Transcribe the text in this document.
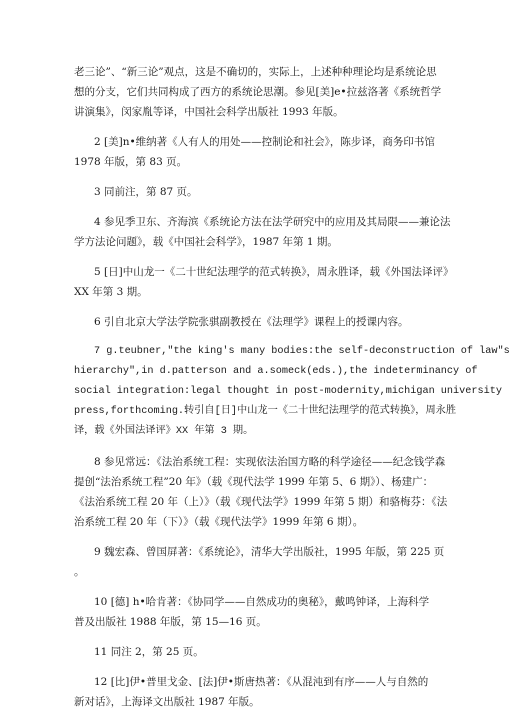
老三论”、“新三论”观点，这是不确切的，实际上，上述种种理论均是系统论思
想的分支，它们共同构成了西方的系统论思潮。参见[美]e•拉兹洛著《系统哲学
讲演集》，闵家胤等译，中国社会科学出版社 1993 年版。
2 [美]n•维纳著《人有人的用处——控制论和社会》，陈步译，商务印书馆
1978 年版，第 83 页。
3 同前注，第 87 页。
4 参见季卫东、齐海滨《系统论方法在法学研究中的应用及其局限——兼论法
学方法论问题》，载《中国社会科学》，1987 年第 1 期。
5 [日]中山龙一《二十世纪法理学的范式转换》，周永胜译，载《外国法译评》
XX 年第 3 期。
6 引自北京大学法学院张骐副教授在《法理学》课程上的授课内容。
7 g.teubner,"the king's many bodies:the self-deconstruction of law"s
hierarchy",in d.patterson and a.someck(eds.),the indeterminancy of
social integration:legal thought in post-modernity,michigan university
press,forthcoming.转引自[日]中山龙一《二十世纪法理学的范式转换》，周永胜
译，载《外国法译评》XX 年第 3 期。
8 参见常远：《法治系统工程：实现依法治国方略的科学途径——纪念钱学森
提创“法治系统工程”20 年》（载《现代法学 1999 年第 5、6 期》）、杨建广：
《法治系统工程 20 年（上）》（载《现代法学》1999 年第 5 期）和骆梅芬：《法
治系统工程 20 年（下）》（载《现代法学》1999 年第 6 期）。
9 魏宏森、曾国屏著：《系统论》，清华大学出版社，1995 年版，第 225 页
。
10 [德] h•哈肯著：《协同学——自然成功的奥秘》，戴鸣钟译，上海科学
普及出版社 1988 年版，第 15—16 页。
11 同注 2，第 25 页。
12 [比]伊•普里戈金、[法]伊•斯唐热著：《从混沌到有序——人与自然的
新对话》，上海译文出版社 1987 年版。
